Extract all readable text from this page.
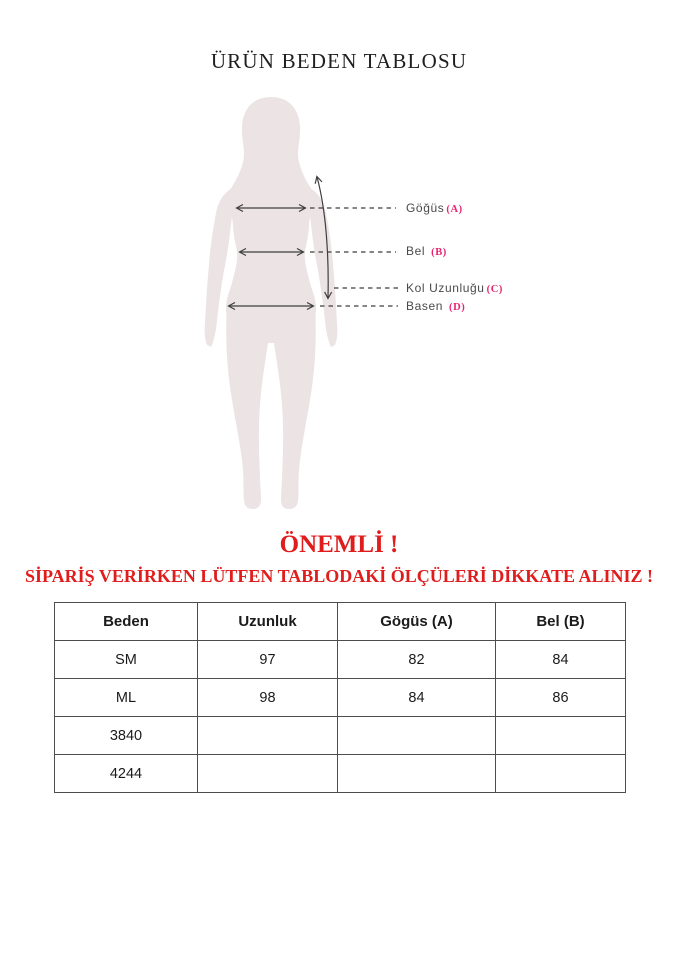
ÜRÜN BEDEN TABLOSU
Göğüs (A)
Bel (B)
Kol Uzunluğu (C)
Basen (D)
ÖNEMLİ !
SİPARİŞ VERİRKEN LÜTFEN TABLODAKİ ÖLÇÜLERİ DİKKATE ALINIZ !
Beden	Uzunluk	Gögüs (A)	Bel (B)
SM	97	82	84
ML	98	84	86
3840			
4244			
